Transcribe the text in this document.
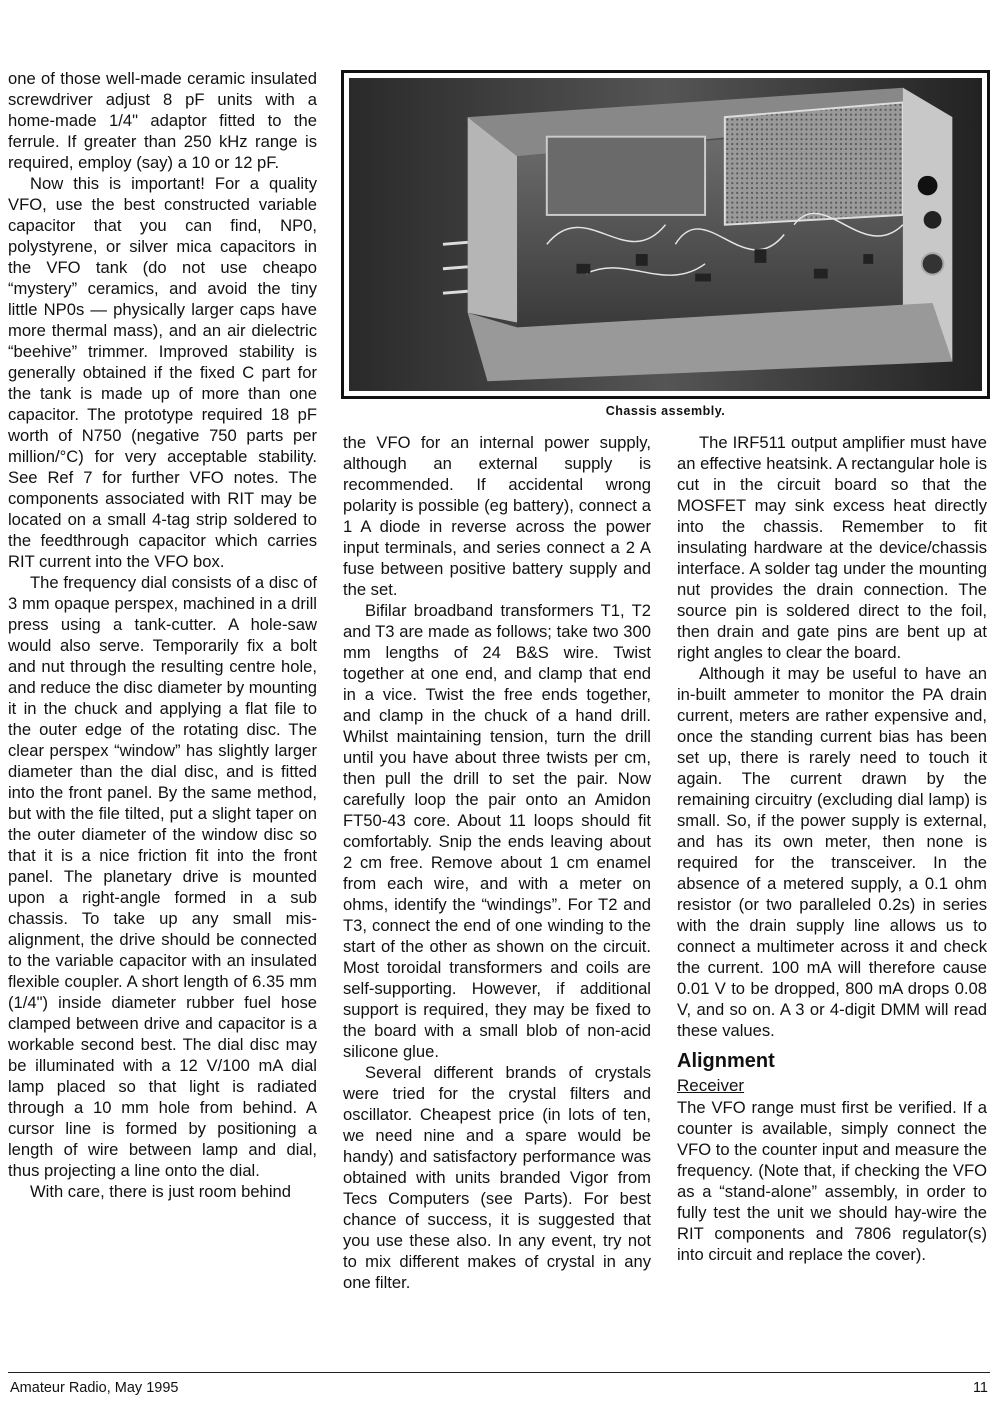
one of those well-made ceramic insulated screwdriver adjust 8 pF units with a home-made 1/4" adaptor fitted to the ferrule. If greater than 250 kHz range is required, employ (say) a 10 or 12 pF.

Now this is important! For a quality VFO, use the best constructed variable capacitor that you can find, NP0, polystyrene, or silver mica capacitors in the VFO tank (do not use cheapo “mystery” ceramics, and avoid the tiny little NP0s — physically larger caps have more thermal mass), and an air dielectric “beehive” trimmer. Improved stability is generally obtained if the fixed C part for the tank is made up of more than one capacitor. The prototype required 18 pF worth of N750 (negative 750 parts per million/°C) for very acceptable stability. See Ref 7 for further VFO notes. The components associated with RIT may be located on a small 4-tag strip soldered to the feedthrough capacitor which carries RIT current into the VFO box.

The frequency dial consists of a disc of 3 mm opaque perspex, machined in a drill press using a tank-cutter. A hole-saw would also serve. Temporarily fix a bolt and nut through the resulting centre hole, and reduce the disc diameter by mounting it in the chuck and applying a flat file to the outer edge of the rotating disc. The clear perspex “window” has slightly larger diameter than the dial disc, and is fitted into the front panel. By the same method, but with the file tilted, put a slight taper on the outer diameter of the window disc so that it is a nice friction fit into the front panel. The planetary drive is mounted upon a right-angle formed in a sub chassis. To take up any small mis-alignment, the drive should be connected to the variable capacitor with an insulated flexible coupler. A short length of 6.35 mm (1/4") inside diameter rubber fuel hose clamped between drive and capacitor is a workable second best. The dial disc may be illuminated with a 12 V/100 mA dial lamp placed so that light is radiated through a 10 mm hole from behind. A cursor line is formed by positioning a length of wire between lamp and dial, thus projecting a line onto the dial.

With care, there is just room behind

Chassis assembly.

the VFO for an internal power supply, although an external supply is recommended. If accidental wrong polarity is possible (eg battery), connect a 1 A diode in reverse across the power input terminals, and series connect a 2 A fuse between positive battery supply and the set.

Bifilar broadband transformers T1, T2 and T3 are made as follows; take two 300 mm lengths of 24 B&S wire. Twist together at one end, and clamp that end in a vice. Twist the free ends together, and clamp in the chuck of a hand drill. Whilst maintaining tension, turn the drill until you have about three twists per cm, then pull the drill to set the pair. Now carefully loop the pair onto an Amidon FT50-43 core. About 11 loops should fit comfortably. Snip the ends leaving about 2 cm free. Remove about 1 cm enamel from each wire, and with a meter on ohms, identify the “windings”. For T2 and T3, connect the end of one winding to the start of the other as shown on the circuit. Most toroidal transformers and coils are self-supporting. However, if additional support is required, they may be fixed to the board with a small blob of non-acid silicone glue.

Several different brands of crystals were tried for the crystal filters and oscillator. Cheapest price (in lots of ten, we need nine and a spare would be handy) and satisfactory performance was obtained with units branded Vigor from Tecs Computers (see Parts). For best chance of success, it is suggested that you use these also. In any event, try not to mix different makes of crystal in any one filter.

The IRF511 output amplifier must have an effective heatsink. A rectangular hole is cut in the circuit board so that the MOSFET may sink excess heat directly into the chassis. Remember to fit insulating hardware at the device/chassis interface. A solder tag under the mounting nut provides the drain connection. The source pin is soldered direct to the foil, then drain and gate pins are bent up at right angles to clear the board.

Although it may be useful to have an in-built ammeter to monitor the PA drain current, meters are rather expensive and, once the standing current bias has been set up, there is rarely need to touch it again. The current drawn by the remaining circuitry (excluding dial lamp) is small. So, if the power supply is external, and has its own meter, then none is required for the transceiver. In the absence of a metered supply, a 0.1 ohm resistor (or two paralleled 0.2s) in series with the drain supply line allows us to connect a multimeter across it and check the current. 100 mA will therefore cause 0.01 V to be dropped, 800 mA drops 0.08 V, and so on. A 3 or 4-digit DMM will read these values.

Alignment
Receiver

The VFO range must first be verified. If a counter is available, simply connect the VFO to the counter input and measure the frequency. (Note that, if checking the VFO as a “stand-alone” assembly, in order to fully test the unit we should hay-wire the RIT components and 7806 regulator(s) into circuit and replace the cover).

Amateur Radio, May 1995	11
